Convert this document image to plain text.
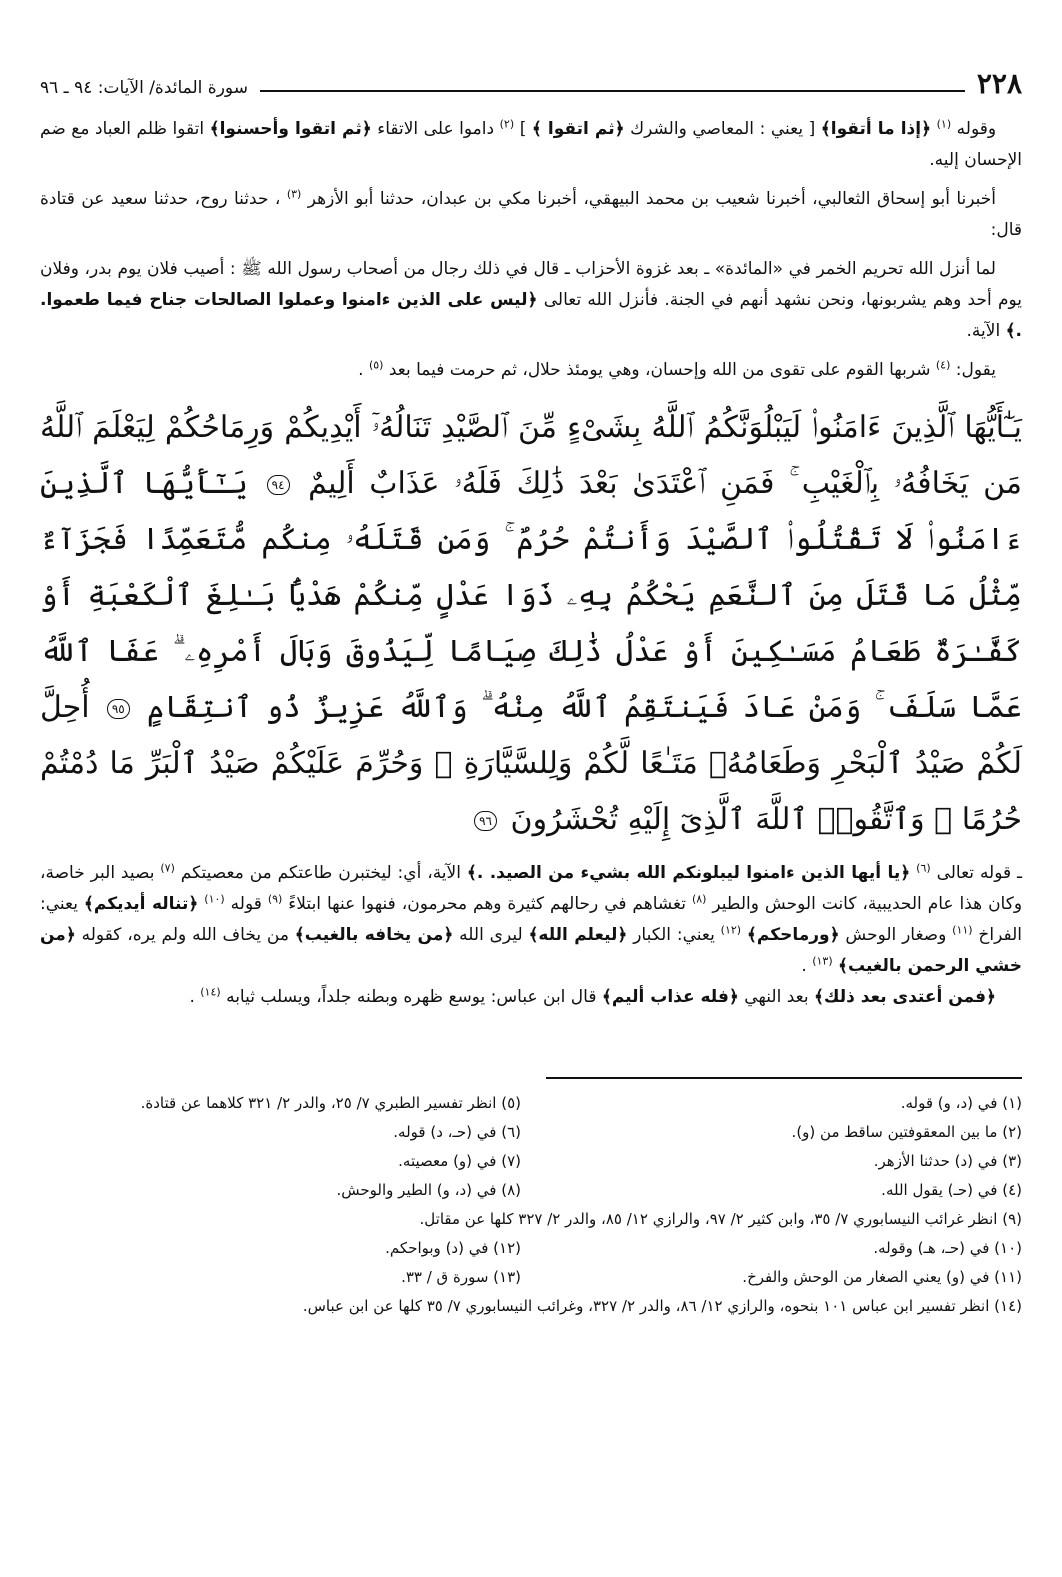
٢٢٨
سورة المائدة/ الآيات: ٩٤ ـ ٩٦

وقوله $^{(١)}$ ﴿إذا ما أتقوا﴾ [ يعني : المعاصي والشرك ﴿ثم اتقوا ﴾ ] $^{(٢)}$ داموا على الاتقاء ﴿ثم اتقوا وأحسنوا﴾ اتقوا ظلم العباد مع ضم الإحسان إليه.

أخبرنا أبو إسحاق الثعالبي، أخبرنا شعيب بن محمد البيهقي، أخبرنا مكي بن عبدان، حدثنا أبو الأزهر $^{(٣)}$ ، حدثنا روح، حدثنا سعيد عن قتادة قال:

لما أنزل الله تحريم الخمر في «المائدة» ـ بعد غزوة الأحزاب ـ قال في ذلك رجال من أصحاب رسول الله ﷺ : أصيب فلان يوم بدر، وفلان يوم أحد وهم يشربونها، ونحن نشهد أنهم في الجنة. فأنزل الله تعالى ﴿ليس على الذين ءامنوا وعملوا الصالحات جناح فيما طعموا. .﴾ الآية.

يقول: $^{(٤)}$ شربها القوم على تقوى من الله وإحسان، وهي يومئذ حلال، ثم حرمت فيما بعد $^{(٥)}$ .

يَـٰٓأَيُّهَا ٱلَّذِينَ ءَامَنُوا۟ لَيَبْلُوَنَّكُمُ ٱللَّهُ بِشَىْءٍ مِّنَ ٱلصَّيْدِ تَنَالُهُۥٓ أَيْدِيكُمْ وَرِمَاحُكُمْ لِيَعْلَمَ ٱللَّهُ مَن يَخَافُهُۥ بِٱلْغَيْبِ ۚ فَمَنِ ٱعْتَدَىٰ بَعْدَ ذَٰلِكَ فَلَهُۥ عَذَابٌ أَلِيمٌ ٩٤ يَـٰٓأَيُّهَا ٱلَّذِينَ ءَامَنُوا۟ لَا تَقْتُلُوا۟ ٱلصَّيْدَ وَأَنتُمْ حُرُمٌ ۚ وَمَن قَتَلَهُۥ مِنكُم مُّتَعَمِّدًا فَجَزَآءٌ مِّثْلُ مَا قَتَلَ مِنَ ٱلنَّعَمِ يَحْكُمُ بِهِۦ ذَوَا عَدْلٍ مِّنكُمْ هَدْيًۢا بَـٰلِغَ ٱلْكَعْبَةِ أَوْ كَفَّـٰرَةٌ طَعَامُ مَسَـٰكِينَ أَوْ عَدْلُ ذَٰلِكَ صِيَامًا لِّيَذُوقَ وَبَالَ أَمْرِهِۦ ۗ عَفَا ٱللَّهُ عَمَّا سَلَفَ ۚ وَمَنْ عَادَ فَيَنتَقِمُ ٱللَّهُ مِنْهُ ۗ وَٱللَّهُ عَزِيزٌ ذُو ٱنتِقَامٍ ٩٥ أُحِلَّ لَكُمْ صَيْدُ ٱلْبَحْرِ وَطَعَامُهُۥ مَتَـٰعًا لَّكُمْ وَلِلسَّيَّارَةِ ۖ وَحُرِّمَ عَلَيْكُمْ صَيْدُ ٱلْبَرِّ مَا دُمْتُمْ حُرُمًا ۗ وَٱتَّقُوا۟ ٱللَّهَ ٱلَّذِىٓ إِلَيْهِ تُحْشَرُونَ ٩٦

ـ قوله تعالى $^{(٦)}$ ﴿يا أيها الذين ءامنوا ليبلونكم الله بشيء من الصيد. .﴾ الآية، أي: ليختبرن طاعتكم من معصيتكم $^{(٧)}$ بصيد البر خاصة، وكان هذا عام الحديبية، كانت الوحش والطير $^{(٨)}$ تغشاهم في رحالهم كثيرة وهم محرمون، فنهوا عنها ابتلاءً $^{(٩)}$ قوله $^{(١٠)}$ ﴿تناله أيديكم﴾ يعني: الفراخ $^{(١١)}$ وصغار الوحش ﴿ورماحكم﴾ $^{(١٢)}$ يعني: الكبار ﴿ليعلم الله﴾ ليرى الله ﴿من يخافه بالغيب﴾ من يخاف الله ولم يره، كقوله ﴿من خشي الرحمن بالغيب﴾ $^{(١٣)}$ .

﴿فمن أعتدى بعد ذلك﴾ بعد النهي ﴿فله عذاب أليم﴾ قال ابن عباس: يوسع ظهره وبطنه جلداً، ويسلب ثيابه $^{(١٤)}$ .

(١) في (د، و) قوله.
(٢) ما بين المعقوفتين ساقط من (و).
(٣) في (د) حدثنا الأزهر.
(٤) في (حـ) يقول الله.
(٥) انظر تفسير الطبري ٧/ ٢٥، والدر ٢/ ٣٢١ كلاهما عن قتادة.
(٦) في (حـ، د) قوله.
(٧) في (و) معصيته.
(٨) في (د، و) الطير والوحش.
(٩) انظر غرائب النيسابوري ٧/ ٣٥، وابن كثير ٢/ ٩٧، والرازي ١٢/ ٨٥، والدر ٢/ ٣٢٧ كلها عن مقاتل.
(١٠) في (حـ، هـ) وقوله.
(١١) في (و) يعني الصغار من الوحش والفرخ.
(١٢) في (د) وبواحكم.
(١٣) سورة ق / ٣٣.
(١٤) انظر تفسير ابن عباس ١٠١ بنحوه، والرازي ١٢/ ٨٦، والدر ٢/ ٣٢٧، وغرائب النيسابوري ٧/ ٣٥ كلها عن ابن عباس.
